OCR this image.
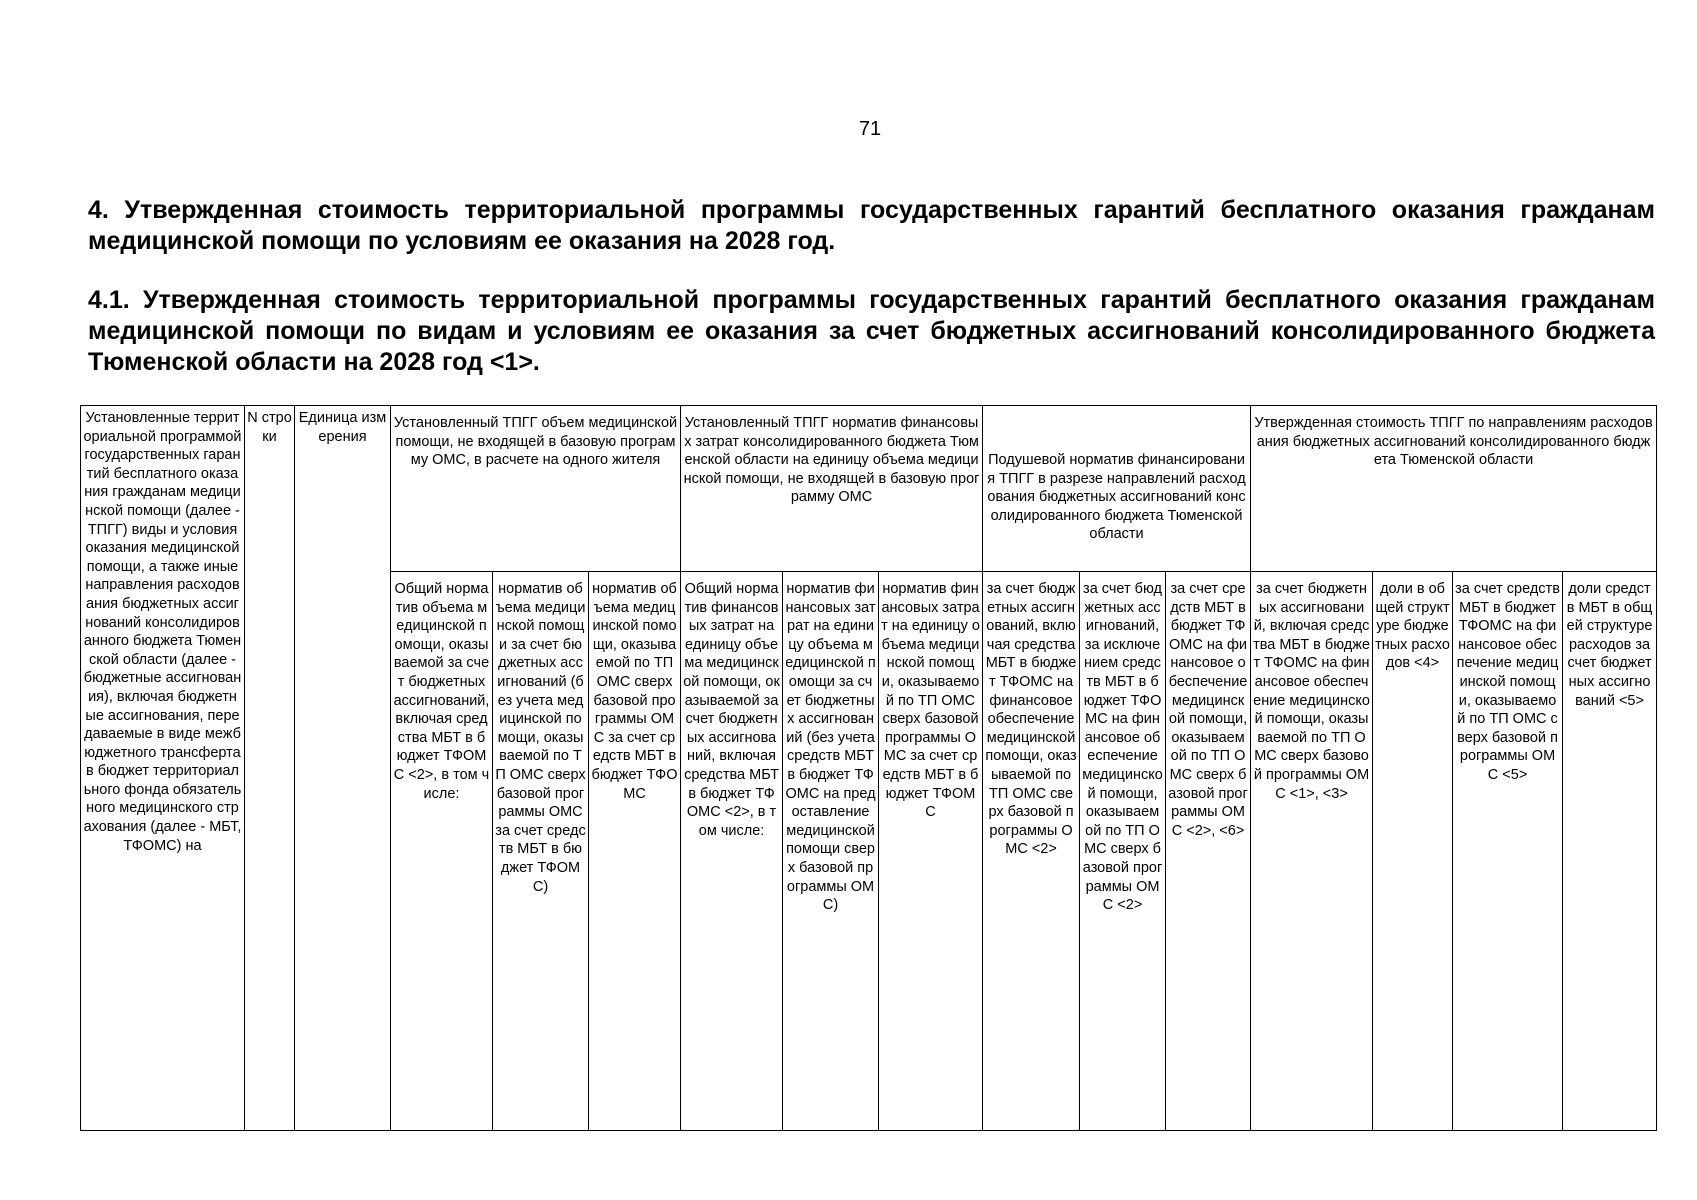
71
4. Утвержденная стоимость территориальной программы государственных гарантий бесплатного оказания гражданам медицинской помощи по условиям ее оказания на 2028 год.
4.1. Утвержденная стоимость территориальной программы государственных гарантий бесплатного оказания гражданам медицинской помощи по видам и условиям ее оказания за счет бюджетных ассигнований консолидированного бюджета Тюменской области на 2028 год <1>.
Установленные территориальной программой государственных гарантий бесплатного оказания гражданам медицинской помощи (далее - ТПГГ) виды и условия оказания медицинской помощи, а также иные направления расходования бюджетных ассигнований консолидированного бюджета Тюменской области (далее - бюджетные ассигнования), включая бюджетные ассигнования, передаваемые в виде межбюджетного трансферта в бюджет территориального фонда обязательного медицинского страхования (далее - МБТ, ТФОМС) на	N строки	Единица измерения	Установленный ТПГГ объем медицинской помощи, не входящей в базовую программу ОМС, в расчете на одного жителя			Установленный ТПГГ норматив финансовых затрат консолидированного бюджета Тюменской области на единицу объема медицинской помощи, не входящей в базовую программу ОМС			Подушевой норматив финансирования ТПГГ в разрезе направлений расходования бюджетных ассигнований консолидированного бюджета Тюменской области			Утвержденная стоимость ТПГГ по направлениям расходования бюджетных ассигнований консолидированного бюджета Тюменской области			
			Общий норматив объема медицинской помощи, оказываемой за счет бюджетных ассигнований, включая средства МБТ в бюджет ТФОМС <2>, в том числе:	норматив объема медицинской помощи за счет бюджетных ассигнований (без учета медицинской помощи, оказываемой по ТП ОМС сверх базовой программы ОМС за счет средств МБТ в бюджет ТФОМС)	норматив объема медицинской помощи, оказываемой по ТП ОМС сверх базовой программы ОМС за счет средств МБТ в бюджет ТФОМС	Общий норматив финансовых затрат на единицу объема медицинской помощи, оказываемой за счет бюджетных ассигнований, включая средства МБТ в бюджет ТФОМС <2>, в том числе:	норматив финансовых затрат на единицу объема медицинской помощи за счет бюджетных ассигнований (без учета средств МБТ в бюджет ТФОМС на предоставление медицинской помощи сверх базовой программы ОМС)	норматив финансовых затрат на единицу объема медицинской помощи, оказываемой по ТП ОМС сверх базовой программы ОМС за счет средств МБТ в бюджет ТФОМС	за счет бюджетных ассигнований, включая средства МБТ в бюджет ТФОМС на финансовое обеспечение медицинской помощи, оказываемой по ТП ОМС сверх базовой программы ОМС <2>	за счет бюджетных ассигнований, за исключением средств МБТ в бюджет ТФОМС на финансовое обеспечение медицинской помощи, оказываемой по ТП ОМС сверх базовой программы ОМС <2>	за счет средств МБТ в бюджет ТФОМС на финансовое обеспечение медицинской помощи, оказываемой по ТП ОМС сверх базовой программы ОМС <2>, <6>	за счет бюджетных ассигнований, включая средства МБТ в бюджет ТФОМС на финансовое обеспечение медицинской помощи, оказываемой по ТП ОМС сверх базовой программы ОМС <1>, <3>	доли в общей структуре бюджетных расходов <4>	за счет средств МБТ в бюджет ТФОМС на финансовое обеспечение медицинской помощи, оказываемой по ТП ОМС сверх базовой программы ОМС <5>	доли средств МБТ в общей структуре расходов за счет бюджетных ассигнований <5>
